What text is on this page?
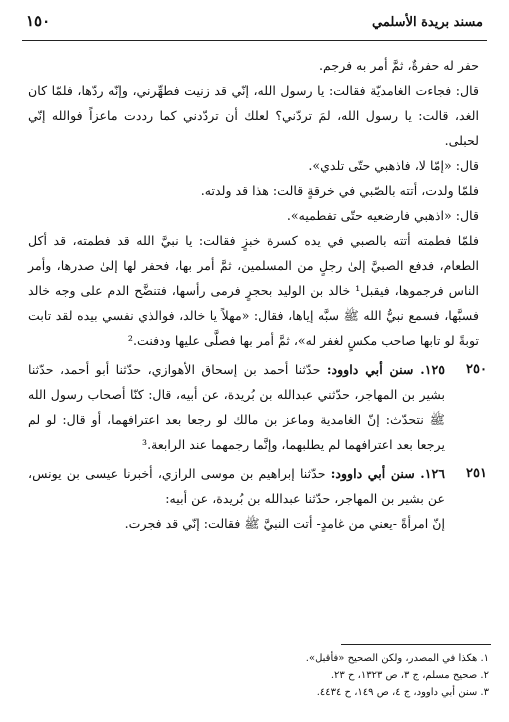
مسند بريدة الأسلمي
١٥٠

حفر له حفرةٌ، ثمَّ أمر به فرجم.

قال: فجاءت الغامديّة فقالت: يا رسول الله، إنّي قد زنيت فطهِّرني، وإنّه ردّها، فلمّا كان الغد، قالت: يا رسول الله، لمَ تردّني؟ لعلك أن تردّدني كما رددت ماعزاً فوالله إنّي لحبلى.

قال: «إمّا لا، فاذهبي حتّى تلدي».

فلمّا ولدت، أتته بالصّبي في خرقةٍ قالت: هذا قد ولدته.

قال: «اذهبي فارضعيه حتّى تفطميه».

فلمّا فطمته أتته بالصبي في يده كسرة خبزٍ فقالت: يا نبيَّ الله قد فطمته، قد أكل الطعام، فدفع الصبيَّ إلىٰ رجلٍ من المسلمين، ثمَّ أمر بها، فحفر لها إلىٰ صدرها، وأمر الناس فرجموها، فيقبل¹ خالد بن الوليد بحجرٍ فرمى رأسها، فتنضَّح الدم على وجه خالد فسبَّها، فسمع نبيُّ الله ﷺ سبَّه إياها، فقال: «مهلاً يا خالد، فوالذي نفسي بيده لقد تابت توبةً لو تابها صاحب مكسٍ لغفر له»، ثمَّ أمر بها فصلَّى عليها ودفنت.²

٢٥٠
١٢٥. سنن أبي داوود: حدّثنا أحمد بن إسحاق الأهوازي، حدّثنا أبو أحمد، حدّثنا بشير بن المهاجر، حدّثني عبدالله بن بُريدة، عن أبيه، قال: كنّا أصحاب رسول الله ﷺ نتحدّث: إنّ الغامدية وماعز بن مالك لو رجعا بعد اعترافهما، أو قال: لو لم يرجعا بعد اعترافهما لم يطلبهما، وإنَّما رجمهما عند الرابعة.³
٢٥١
١٢٦. سنن أبي داوود: حدّثنا إبراهيم بن موسى الرازي، أخبرنا عيسى بن يونس، عن بشير بن المهاجر، حدّثنا عبدالله بن بُريدة، عن أبيه:
إنّ امرأةً -يعني من غامدٍ- أتت النبيَّ ﷺ فقالت: إنّي قد فجرت.
١. هكذا في المصدر، ولكن الصحيح «فأقبل».
٢. صحيح مسلم، ج ٣، ص ١٣٢٣، ح ٢٣.
٣. سنن أبي داوود، ج ٤، ص ١٤٩، ح ٤٤٣٤.
